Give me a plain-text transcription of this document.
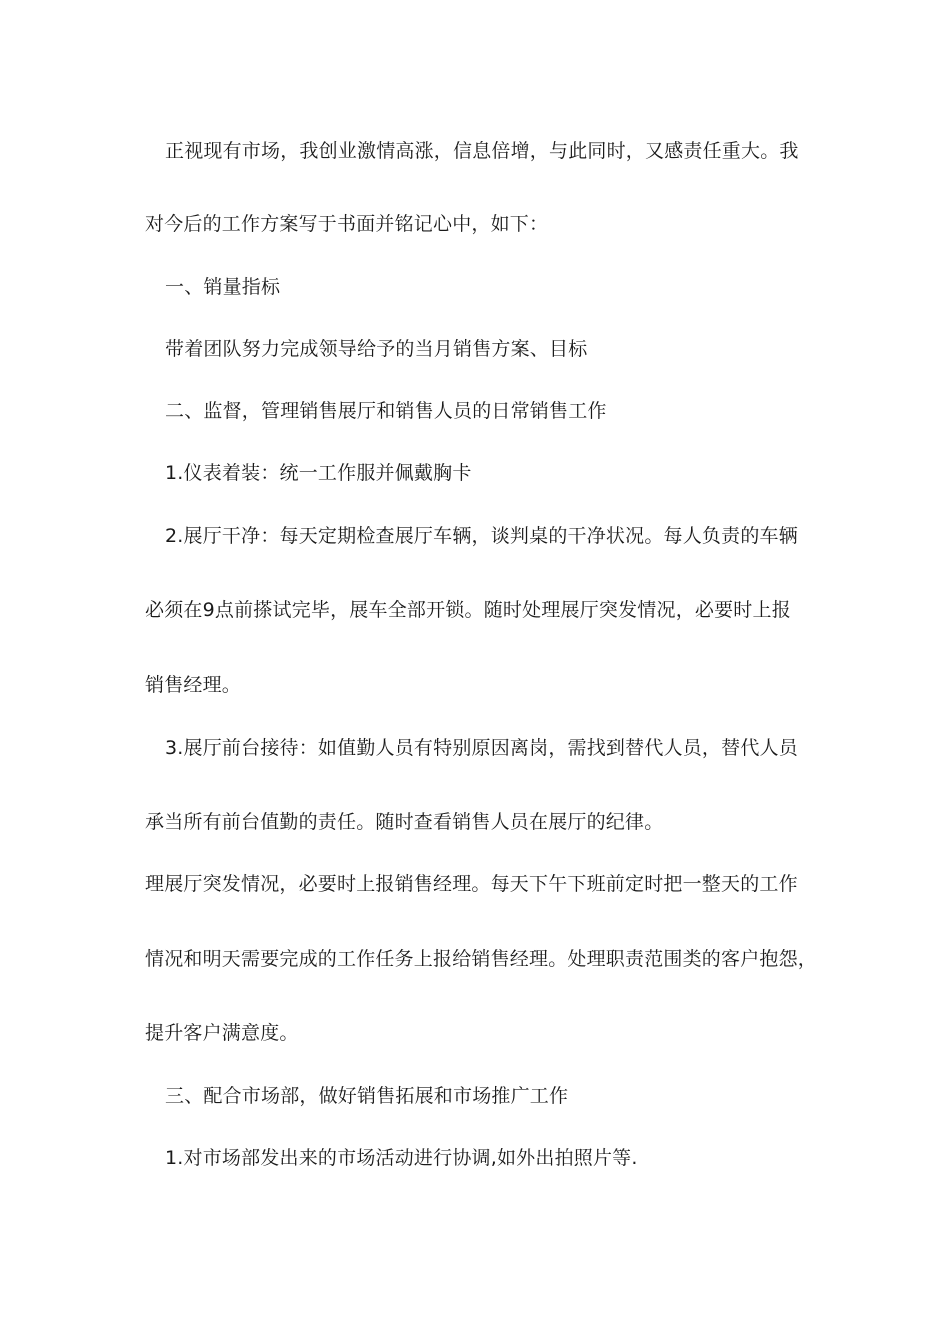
正视现有市场，我创业激情高涨，信息倍增，与此同时，又感责任重大。我
对今后的工作方案写于书面并铭记心中，如下：
一、销量指标
带着团队努力完成领导给予的当月销售方案、目标
二、监督，管理销售展厅和销售人员的日常销售工作
1.仪表着装：统一工作服并佩戴胸卡
2.展厅干净：每天定期检查展厅车辆，谈判桌的干净状况。每人负责的车辆
必须在9点前搽试完毕，展车全部开锁。随时处理展厅突发情况，必要时上报
销售经理。
3.展厅前台接待：如值勤人员有特别原因离岗，需找到替代人员，替代人员
承当所有前台值勤的责任。随时查看销售人员在展厅的纪律。
理展厅突发情况，必要时上报销售经理。每天下午下班前定时把一整天的工作
情况和明天需要完成的工作任务上报给销售经理。处理职责范围类的客户抱怨，
提升客户满意度。
三、配合市场部，做好销售拓展和市场推广工作
1.对市场部发出来的市场活动进行协调,如外出拍照片等.
